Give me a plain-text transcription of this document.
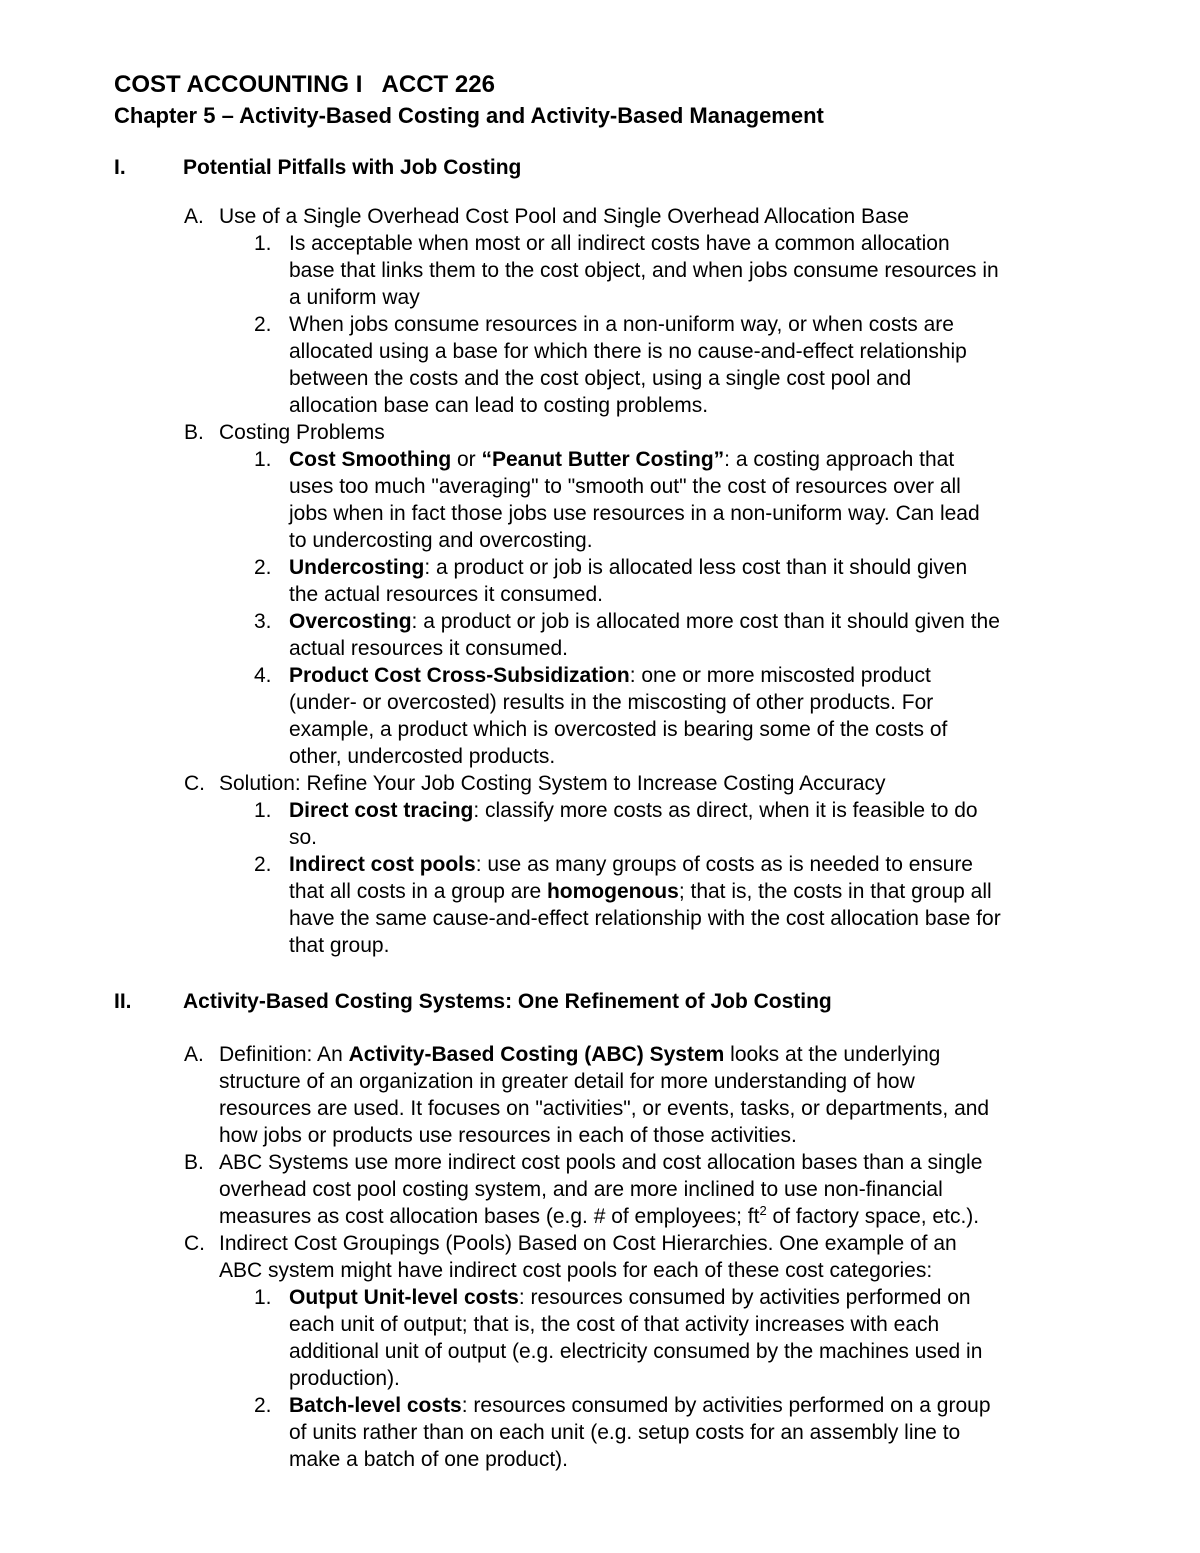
COST ACCOUNTING I   ACCT 226
Chapter 5 – Activity-Based Costing and Activity-Based Management
I.	Potential Pitfalls with Job Costing
A. Use of a Single Overhead Cost Pool and Single Overhead Allocation Base
1. Is acceptable when most or all indirect costs have a common allocation
base that links them to the cost object, and when jobs consume resources in
a uniform way
2. When jobs consume resources in a non-uniform way, or when costs are
allocated using a base for which there is no cause-and-effect relationship
between the costs and the cost object, using a single cost pool and
allocation base can lead to costing problems.
B. Costing Problems
1. Cost Smoothing or “Peanut Butter Costing”: a costing approach that
uses too much "averaging" to "smooth out" the cost of resources over all
jobs when in fact those jobs use resources in a non-uniform way. Can lead
to undercosting and overcosting.
2. Undercosting: a product or job is allocated less cost than it should given
the actual resources it consumed.
3. Overcosting: a product or job is allocated more cost than it should given the
actual resources it consumed.
4. Product Cost Cross-Subsidization: one or more miscosted product
(under- or overcosted) results in the miscosting of other products. For
example, a product which is overcosted is bearing some of the costs of
other, undercosted products.
C. Solution: Refine Your Job Costing System to Increase Costing Accuracy
1. Direct cost tracing: classify more costs as direct, when it is feasible to do
so.
2. Indirect cost pools: use as many groups of costs as is needed to ensure
that all costs in a group are homogenous; that is, the costs in that group all
have the same cause-and-effect relationship with the cost allocation base for
that group.
II. Activity-Based Costing Systems: One Refinement of Job Costing
A. Definition: An Activity-Based Costing (ABC) System looks at the underlying
structure of an organization in greater detail for more understanding of how
resources are used. It focuses on "activities", or events, tasks, or departments, and
how jobs or products use resources in each of those activities.
B. ABC Systems use more indirect cost pools and cost allocation bases than a single
overhead cost pool costing system, and are more inclined to use non-financial
measures as cost allocation bases (e.g. # of employees; $ft^2$ of factory space, etc.).
C. Indirect Cost Groupings (Pools) Based on Cost Hierarchies. One example of an
ABC system might have indirect cost pools for each of these cost categories:
1. Output Unit-level costs: resources consumed by activities performed on
each unit of output; that is, the cost of that activity increases with each
additional unit of output (e.g. electricity consumed by the machines used in
production).
2. Batch-level costs: resources consumed by activities performed on a group
of units rather than on each unit (e.g. setup costs for an assembly line to
make a batch of one product).
